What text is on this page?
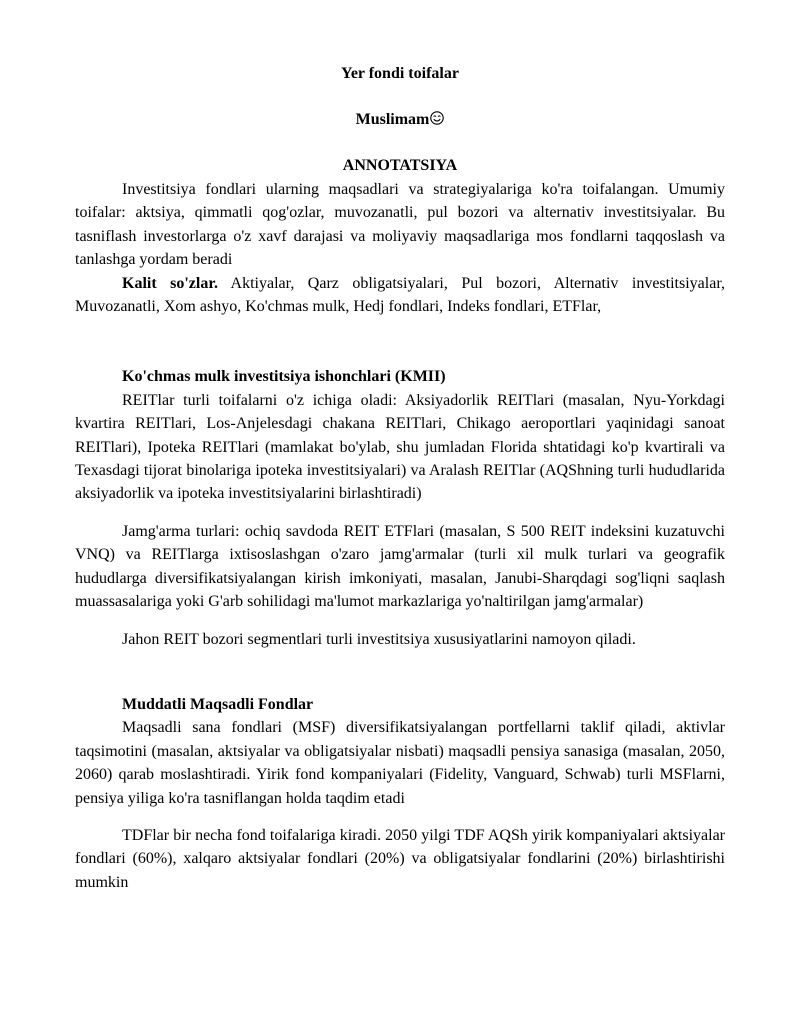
Yer fondi toifalar
Muslimam
ANNOTATSIYA

Investitsiya fondlari ularning maqsadlari va strategiyalariga ko'ra toifalangan. Umumiy toifalar: aktsiya, qimmatli qog'ozlar, muvozanatli, pul bozori va alternativ investitsiyalar. Bu tasniflash investorlarga o'z xavf darajasi va moliyaviy maqsadlariga mos fondlarni taqqoslash va tanlashga yordam beradi

Kalit so'zlar. Aktiyalar, Qarz obligatsiyalari, Pul bozori, Alternativ investitsiyalar, Muvozanatli, Xom ashyo, Ko'chmas mulk, Hedj fondlari, Indeks fondlari, ETFlar,

Ko'chmas mulk investitsiya ishonchlari (KMII)

REITlar turli toifalarni o'z ichiga oladi: Aksiyadorlik REITlari (masalan, Nyu-Yorkdagi kvartira REITlari, Los-Anjelesdagi chakana REITlari, Chikago aeroportlari yaqinidagi sanoat REITlari), Ipoteka REITlari (mamlakat bo'ylab, shu jumladan Florida shtatidagi ko'p kvartirali va Texasdagi tijorat binolariga ipoteka investitsiyalari) va Aralash REITlar (AQShning turli hududlarida aksiyadorlik va ipoteka investitsiyalarini birlashtiradi)

Jamg'arma turlari: ochiq savdoda REIT ETFlari (masalan, S 500 REIT indeksini kuzatuvchi VNQ) va REITlarga ixtisoslashgan o'zaro jamg'armalar (turli xil mulk turlari va geografik hududlarga diversifikatsiyalangan kirish imkoniyati, masalan, Janubi-Sharqdagi sog'liqni saqlash muassasalariga yoki G'arb sohilidagi ma'lumot markazlariga yo'naltirilgan jamg'armalar)

Jahon REIT bozori segmentlari turli investitsiya xususiyatlarini namoyon qiladi.

Muddatli Maqsadli Fondlar

Maqsadli sana fondlari (MSF) diversifikatsiyalangan portfellarni taklif qiladi, aktivlar taqsimotini (masalan, aktsiyalar va obligatsiyalar nisbati) maqsadli pensiya sanasiga (masalan, 2050, 2060) qarab moslashtiradi. Yirik fond kompaniyalari (Fidelity, Vanguard, Schwab) turli MSFlarni, pensiya yiliga ko'ra tasniflangan holda taqdim etadi

TDFlar bir necha fond toifalariga kiradi. 2050 yilgi TDF AQSh yirik kompaniyalari aktsiyalar fondlari (60%), xalqaro aktsiyalar fondlari (20%) va obligatsiyalar fondlarini (20%) birlashtirishi mumkin
